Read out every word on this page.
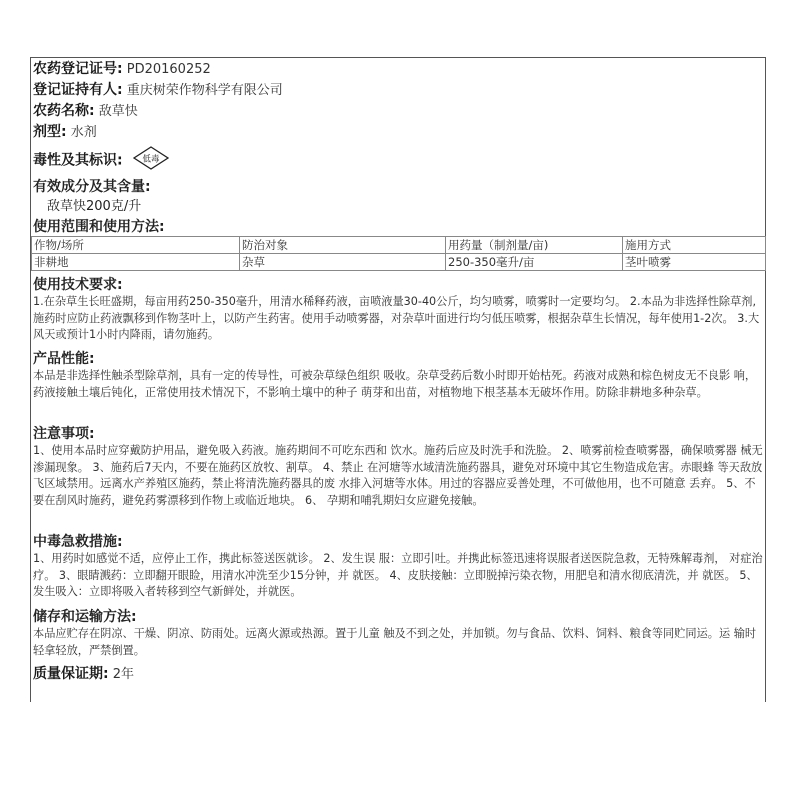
农药登记证号: PD20160252
登记证持有人: 重庆树荣作物科学有限公司
农药名称: 敌草快
剂型: 水剂
毒性及其标识: 低毒
有效成分及其含量:
敌草快200克/升
使用范围和使用方法:
作物/场所	防治对象	用药量（制剂量/亩)	施用方式
非耕地	杂草	250-350毫升/亩	茎叶喷雾
使用技术要求:
1.在杂草生长旺盛期，每亩用药250-350毫升，用清水稀释药液，亩喷液量30-40公斤，均匀喷雾，喷雾时一定要均匀。 2.本品为非选择性除草剂, 施药时应防止药液飘移到作物茎叶上，以防产生药害。使用手动喷雾器，对杂草叶面进行均匀低压喷雾，根据杂草生长情况，每年使用1-2次。 3.大风天或预计1小时内降雨，请勿施药。
产品性能:
本品是非选择性触杀型除草剂，具有一定的传导性，可被杂草绿色组织 吸收。杂草受药后数小时即开始枯死。药液对成熟和棕色树皮无不良影 响，药液接触土壤后钝化，正常使用技术情况下，不影响土壤中的种子 萌芽和出苗，对植物地下根茎基本无破坏作用。防除非耕地多种杂草。
注意事项:
1、使用本品时应穿戴防护用品，避免吸入药液。施药期间不可吃东西和 饮水。施药后应及时洗手和洗脸。 2、喷雾前检查喷雾器，确保喷雾器 械无渗漏现象。 3、施药后7天内，不要在施药区放牧、割草。 4、禁止 在河塘等水域清洗施药器具，避免对环境中其它生物造成危害。赤眼蜂 等天敌放飞区域禁用。远离水产养殖区施药，禁止将清洗施药器具的废 水排入河塘等水体。用过的容器应妥善处理，不可做他用，也不可随意 丢弃。 5、不要在刮风时施药，避免药雾漂移到作物上或临近地块。 6、 孕期和哺乳期妇女应避免接触。
中毒急救措施:
1、用药时如感觉不适，应停止工作，携此标签送医就诊。 2、发生误 服：立即引吐。并携此标签迅速将误服者送医院急救，无特殊解毒剂， 对症治疗。 3、眼睛溅药：立即翻开眼睑，用清水冲洗至少15分钟，并 就医。 4、皮肤接触：立即脱掉污染衣物，用肥皂和清水彻底清洗，并 就医。 5、发生吸入：立即将吸入者转移到空气新鲜处，并就医。
储存和运输方法:
本品应贮存在阴凉、干燥、阴凉、防雨处。远离火源或热源。置于儿童 触及不到之处，并加锁。勿与食品、饮料、饲料、粮食等同贮同运。运 输时轻拿轻放，严禁倒置。
质量保证期: 2年
